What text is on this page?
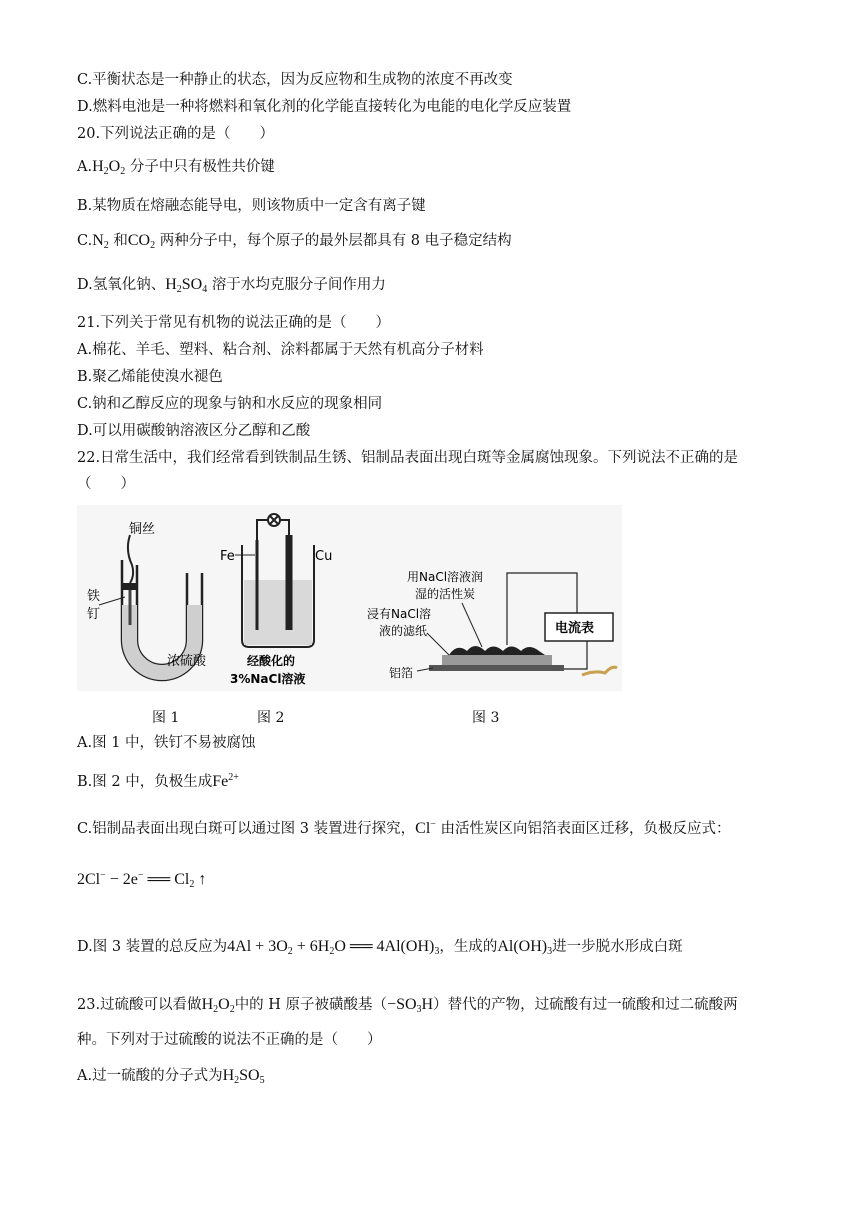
C.平衡状态是一种静止的状态，因为反应物和生成物的浓度不再改变
D.燃料电池是一种将燃料和氧化剂的化学能直接转化为电能的电化学反应装置
20.下列说法正确的是（　　）
$A.H_2O_2$ 分子中只有极性共价键
B.某物质在熔融态能导电，则该物质中一定含有离子键
$C.N_2$ 和$CO_2$ 两种分子中，每个原子的最外层都具有 8 电子稳定结构
D.氢氧化钠、$H_2SO_4$ 溶于水均克服分子间作用力
21.下列关于常见有机物的说法正确的是（　　）
A.棉花、羊毛、塑料、粘合剂、涂料都属于天然有机高分子材料
B.聚乙烯能使溴水褪色
C.钠和乙醇反应的现象与钠和水反应的现象相同
D.可以用碳酸钠溶液区分乙醇和乙酸
22.日常生活中，我们经常看到铁制品生锈、铝制品表面出现白斑等金属腐蚀现象。下列说法不正确的是
（　　）
铜丝
铁
钉
浓硫酸
Fe	Cu
经酸化的
3%NaCl溶液
用NaCl溶液润
湿的活性炭
浸有NaCl溶
液的滤纸	电流表
铝箔
图 1	图 2	图 3
A.图 1 中，铁钉不易被腐蚀
B.图 2 中，负极生成$Fe^{2+}$
C.铝制品表面出现白斑可以通过图 3 装置进行探究，Cl− 由活性炭区向铝箔表面区迁移，负极反应式：
2Cl− − 2e− ══ $Cl_2$ ↑
D.图 3 装置的总反应为$4Al + 3O_2 + 6H_2O$ ══ $4Al(OH)_3$，生成的$Al(OH)_3$进一步脱水形成白斑
23.过硫酸可以看做$H_2O_2$中的 H 原子被磺酸基$(-SO_3H)$替代的产物，过硫酸有过一硫酸和过二硫酸两
种。下列对于过硫酸的说法不正确的是（　　）
A.过一硫酸的分子式为$H_2SO_5$
